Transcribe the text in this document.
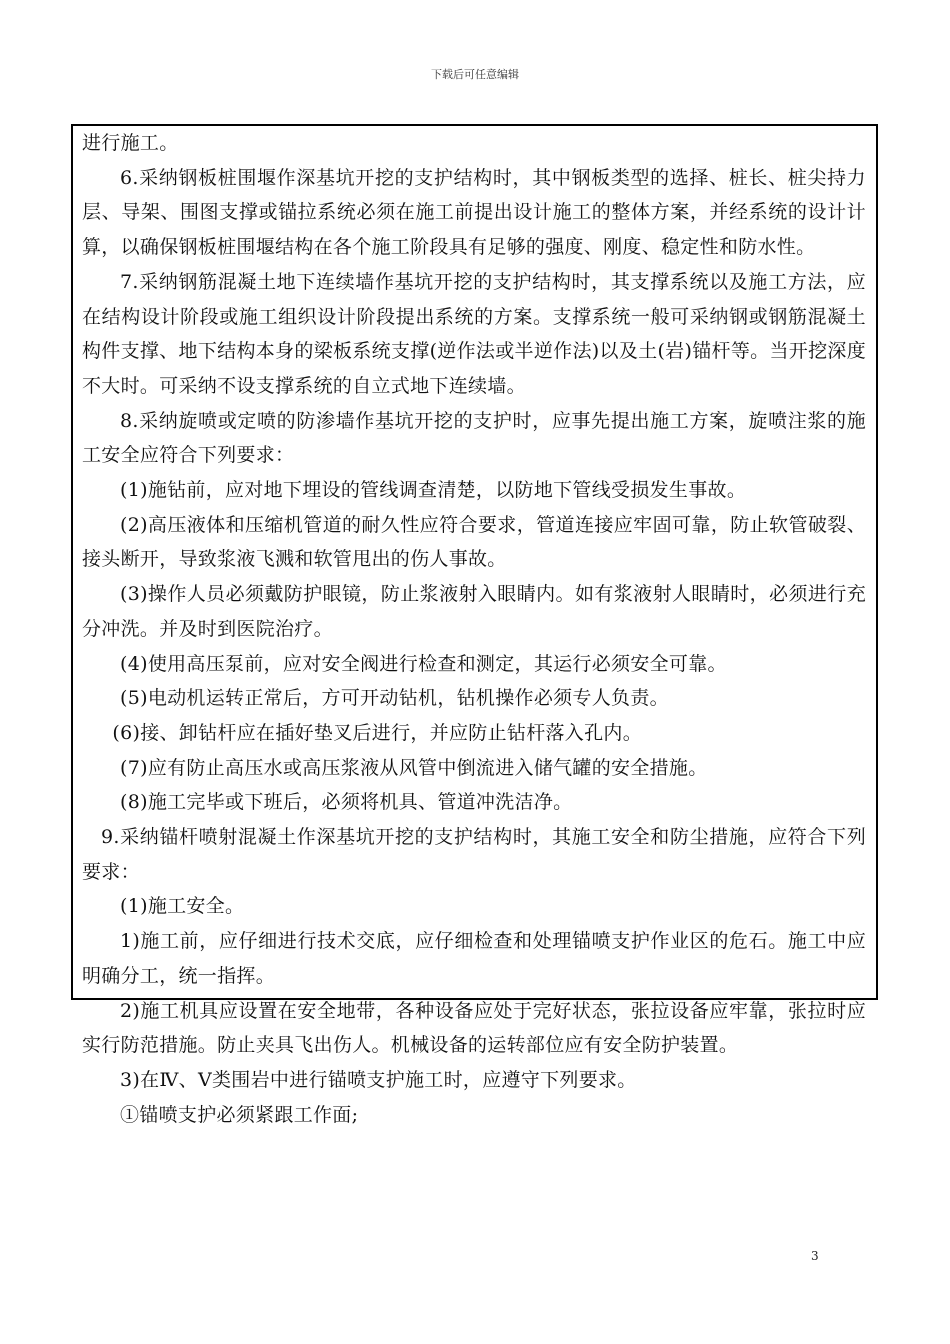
下载后可任意编辑

进行施工。

6.采纳钢板桩围堰作深基坑开挖的支护结构时，其中钢板类型的选择、桩长、桩尖持力层、导架、围图支撑或锚拉系统必须在施工前提出设计施工的整体方案，并经系统的设计计算，以确保钢板桩围堰结构在各个施工阶段具有足够的强度、刚度、稳定性和防水性。

7.采纳钢筋混凝土地下连续墙作基坑开挖的支护结构时，其支撑系统以及施工方法，应在结构设计阶段或施工组织设计阶段提出系统的方案。支撑系统一般可采纳钢或钢筋混凝土构件支撑、地下结构本身的梁板系统支撑(逆作法或半逆作法)以及土(岩)锚杆等。当开挖深度不大时。可采纳不设支撑系统的自立式地下连续墙。

8.采纳旋喷或定喷的防渗墙作基坑开挖的支护时，应事先提出施工方案，旋喷注浆的施工安全应符合下列要求：

(1)施钻前，应对地下埋设的管线调查清楚，以防地下管线受损发生事故。

(2)高压液体和压缩机管道的耐久性应符合要求，管道连接应牢固可靠，防止软管破裂、接头断开，导致浆液飞溅和软管甩出的伤人事故。

(3)操作人员必须戴防护眼镜，防止浆液射入眼睛内。如有浆液射人眼睛时，必须进行充分冲洗。并及时到医院治疗。

(4)使用高压泵前，应对安全阀进行检查和测定，其运行必须安全可靠。

(5)电动机运转正常后，方可开动钻机，钻机操作必须专人负责。

(6)接、卸钻杆应在插好垫叉后进行，并应防止钻杆落入孔内。

(7)应有防止高压水或高压浆液从风管中倒流进入储气罐的安全措施。

(8)施工完毕或下班后，必须将机具、管道冲洗洁净。

9.采纳锚杆喷射混凝土作深基坑开挖的支护结构时，其施工安全和防尘措施，应符合下列要求：

(1)施工安全。

1)施工前，应仔细进行技术交底，应仔细检查和处理锚喷支护作业区的危石。施工中应明确分工，统一指挥。

2)施工机具应设置在安全地带，各种设备应处于完好状态，张拉设备应牢靠，张拉时应实行防范措施。防止夹具飞出伤人。机械设备的运转部位应有安全防护装置。

3)在Ⅳ、V类围岩中进行锚喷支护施工时，应遵守下列要求。

①锚喷支护必须紧跟工作面;

3
